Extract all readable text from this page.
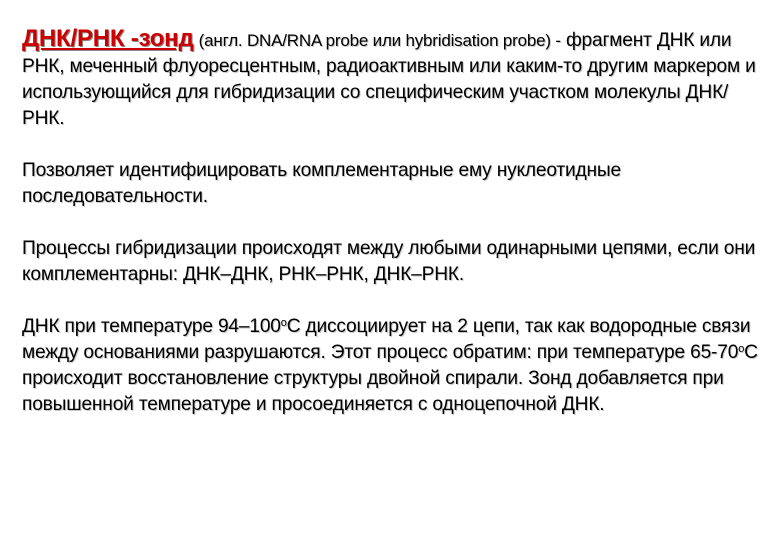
ДНК/РНК -зонд (англ. DNA/RNA probe или hybridisation probe) - фрагмент ДНК или РНК, меченный флуоресцентным, радиоактивным или каким-то другим маркером и использующийся для гибридизации со специфическим участком молекулы ДНК/РНК.

Позволяет идентифицировать комплементарные ему нуклеотидные последовательности.

Процессы гибридизации происходят между любыми одинарными цепями, если они комплементарны: ДНК–ДНК, РНК–РНК, ДНК–РНК.

ДНК при температуре $94-100^оС$ диссоциирует на 2 цепи, так как водородные связи между основаниями разрушаются. Этот процесс обратим: при температуре $65-70^оС$ происходит восстановление структуры двойной спирали. Зонд добавляется при повышенной температуре и просоединяется с одноцепочной ДНК.
